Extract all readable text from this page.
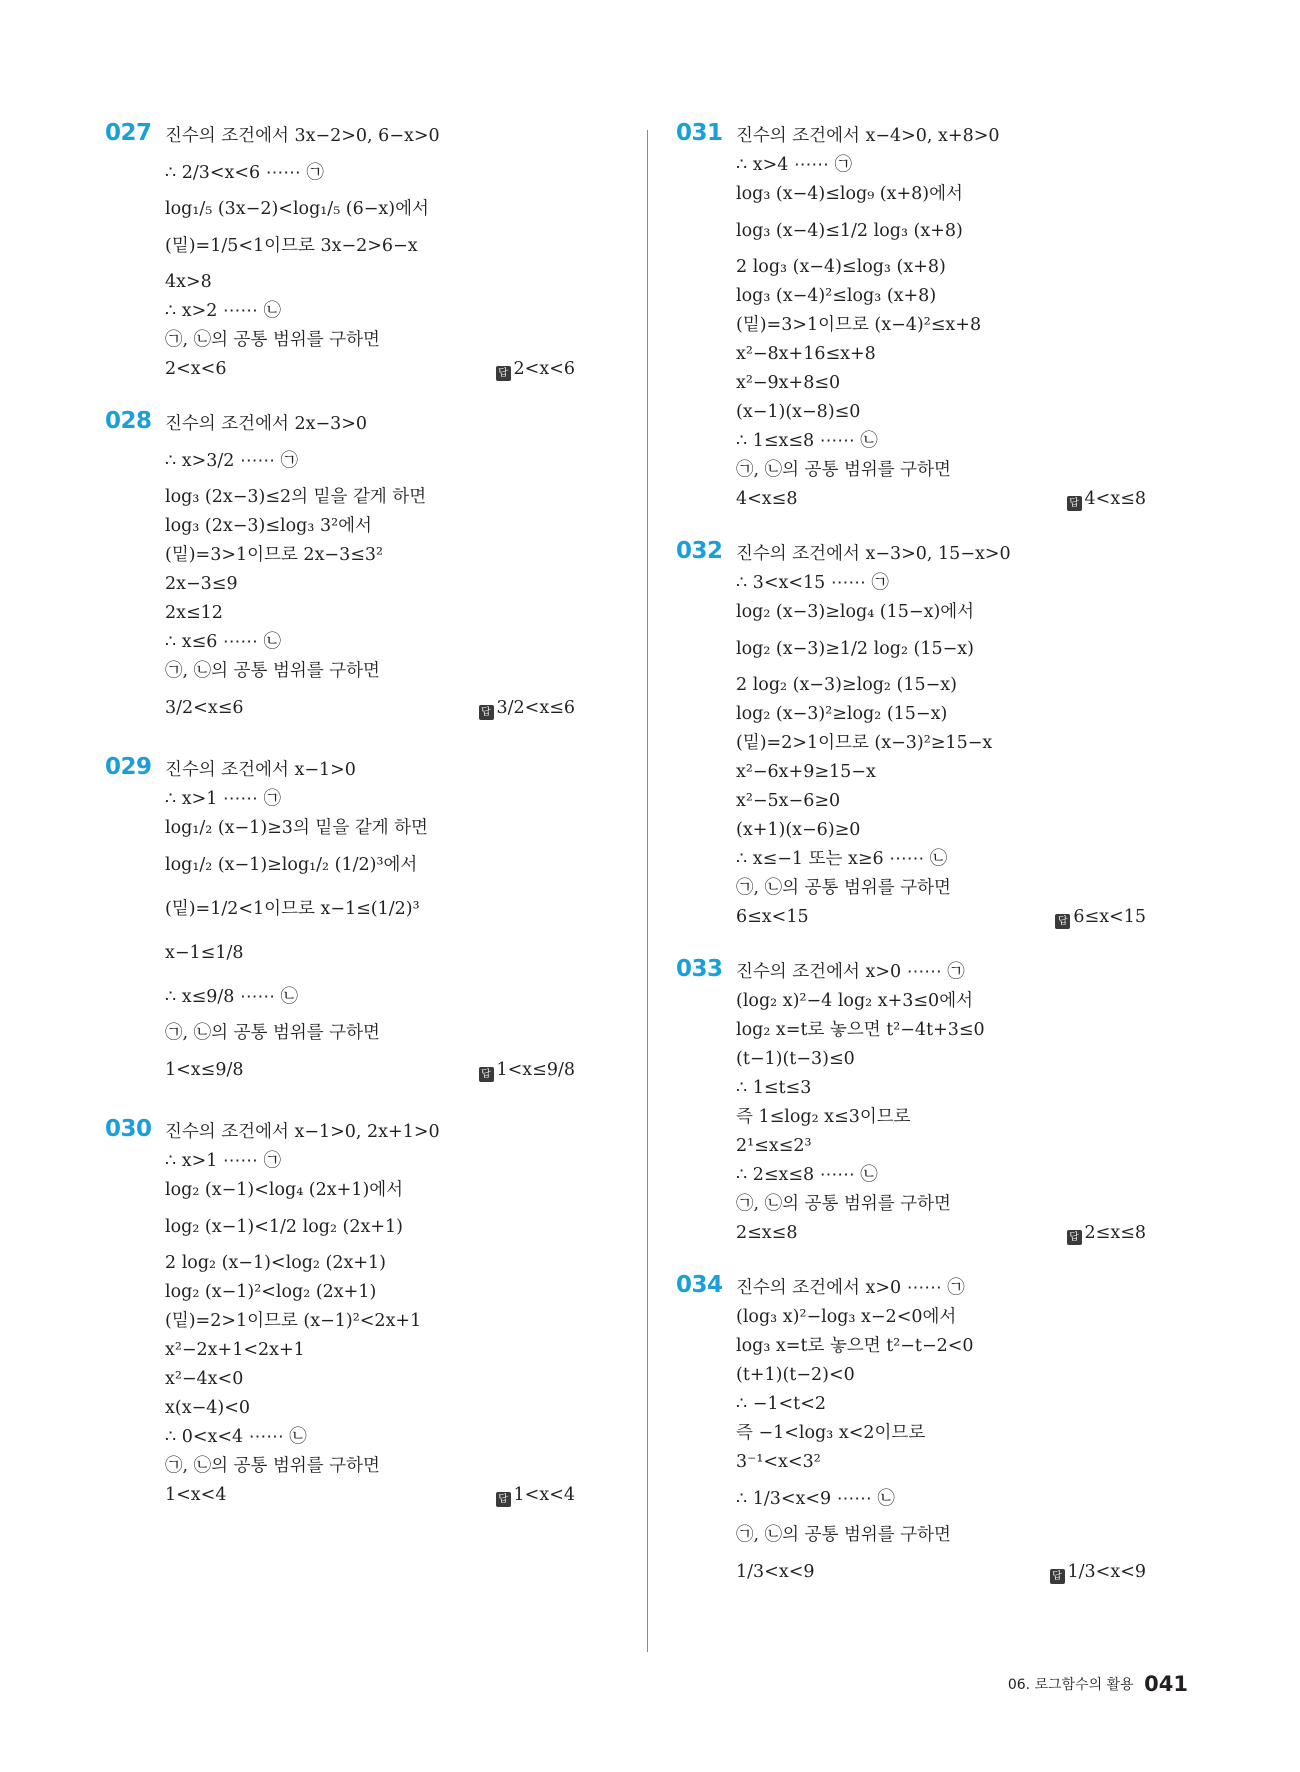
027 진수의 조건에서 3x−2>0, 6−x>0
∴ 2/3<x<6 ⋯⋯ ㉠
log₁/₅ (3x−2)<log₁/₅ (6−x)에서
(밑)=1/5<1이므로 3x−2>6−x
4x>8
∴ x>2 ⋯⋯ ㉡
㉠, ㉡의 공통 범위를 구하면
2<x<6	답 2<x<6
028 진수의 조건에서 2x−3>0
∴ x>3/2 ⋯⋯ ㉠
log₃ (2x−3)≤2의 밑을 같게 하면
log₃ (2x−3)≤log₃ 3²에서
(밑)=3>1이므로 2x−3≤3²
2x−3≤9
2x≤12
∴ x≤6 ⋯⋯ ㉡
㉠, ㉡의 공통 범위를 구하면
3/2<x≤6	답 3/2<x≤6
029 진수의 조건에서 x−1>0
∴ x>1 ⋯⋯ ㉠
log₁/₂ (x−1)≥3의 밑을 같게 하면
log₁/₂ (x−1)≥log₁/₂ (1/2)³에서
(밑)=1/2<1이므로 x−1≤(1/2)³
x−1≤1/8
∴ x≤9/8 ⋯⋯ ㉡
㉠, ㉡의 공통 범위를 구하면
1<x≤9/8	답 1<x≤9/8
030 진수의 조건에서 x−1>0, 2x+1>0
∴ x>1 ⋯⋯ ㉠
log₂ (x−1)<log₄ (2x+1)에서
log₂ (x−1)<1/2 log₂ (2x+1)
2 log₂ (x−1)<log₂ (2x+1)
log₂ (x−1)²<log₂ (2x+1)
(밑)=2>1이므로 (x−1)²<2x+1
x²−2x+1<2x+1
x²−4x<0
x(x−4)<0
∴ 0<x<4 ⋯⋯ ㉡
㉠, ㉡의 공통 범위를 구하면
1<x<4	답 1<x<4
031 진수의 조건에서 x−4>0, x+8>0
∴ x>4 ⋯⋯ ㉠
log₃ (x−4)≤log₉ (x+8)에서
log₃ (x−4)≤1/2 log₃ (x+8)
2 log₃ (x−4)≤log₃ (x+8)
log₃ (x−4)²≤log₃ (x+8)
(밑)=3>1이므로 (x−4)²≤x+8
x²−8x+16≤x+8
x²−9x+8≤0
(x−1)(x−8)≤0
∴ 1≤x≤8 ⋯⋯ ㉡
㉠, ㉡의 공통 범위를 구하면
4<x≤8	답 4<x≤8
032 진수의 조건에서 x−3>0, 15−x>0
∴ 3<x<15 ⋯⋯ ㉠
log₂ (x−3)≥log₄ (15−x)에서
log₂ (x−3)≥1/2 log₂ (15−x)
2 log₂ (x−3)≥log₂ (15−x)
log₂ (x−3)²≥log₂ (15−x)
(밑)=2>1이므로 (x−3)²≥15−x
x²−6x+9≥15−x
x²−5x−6≥0
(x+1)(x−6)≥0
∴ x≤−1 또는 x≥6 ⋯⋯ ㉡
㉠, ㉡의 공통 범위를 구하면
6≤x<15	답 6≤x<15
033 진수의 조건에서 x>0 ⋯⋯ ㉠
(log₂ x)²−4 log₂ x+3≤0에서
log₂ x=t로 놓으면 t²−4t+3≤0
(t−1)(t−3)≤0
∴ 1≤t≤3
즉 1≤log₂ x≤3이므로
2¹≤x≤2³
∴ 2≤x≤8 ⋯⋯ ㉡
㉠, ㉡의 공통 범위를 구하면
2≤x≤8	답 2≤x≤8
034 진수의 조건에서 x>0 ⋯⋯ ㉠
(log₃ x)²−log₃ x−2<0에서
log₃ x=t로 놓으면 t²−t−2<0
(t+1)(t−2)<0
∴ −1<t<2
즉 −1<log₃ x<2이므로
3⁻¹<x<3²
∴ 1/3<x<9 ⋯⋯ ㉡
㉠, ㉡의 공통 범위를 구하면
1/3<x<9	답 1/3<x<9
06. 로그함수의 활용 041
